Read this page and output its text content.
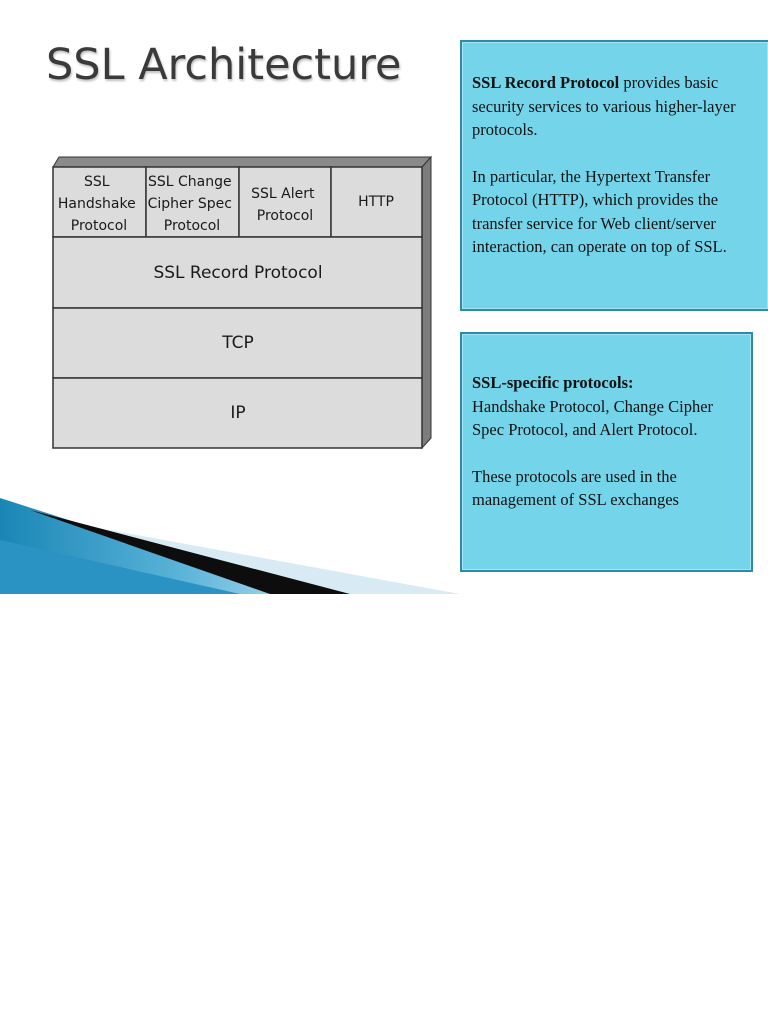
SSL Architecture
SSL Handshake Protocol
SSL Change Cipher Spec Protocol
SSL Alert Protocol
HTTP
SSL Record Protocol
TCP
IP

SSL Record Protocol provides basic security services to various higher-layer protocols.

In particular, the Hypertext Transfer Protocol (HTTP), which provides the transfer service for Web client/server interaction, can operate on top of SSL.

SSL-specific protocols:
Handshake Protocol, Change Cipher Spec Protocol, and Alert Protocol.

These protocols are used in the management of SSL exchanges
